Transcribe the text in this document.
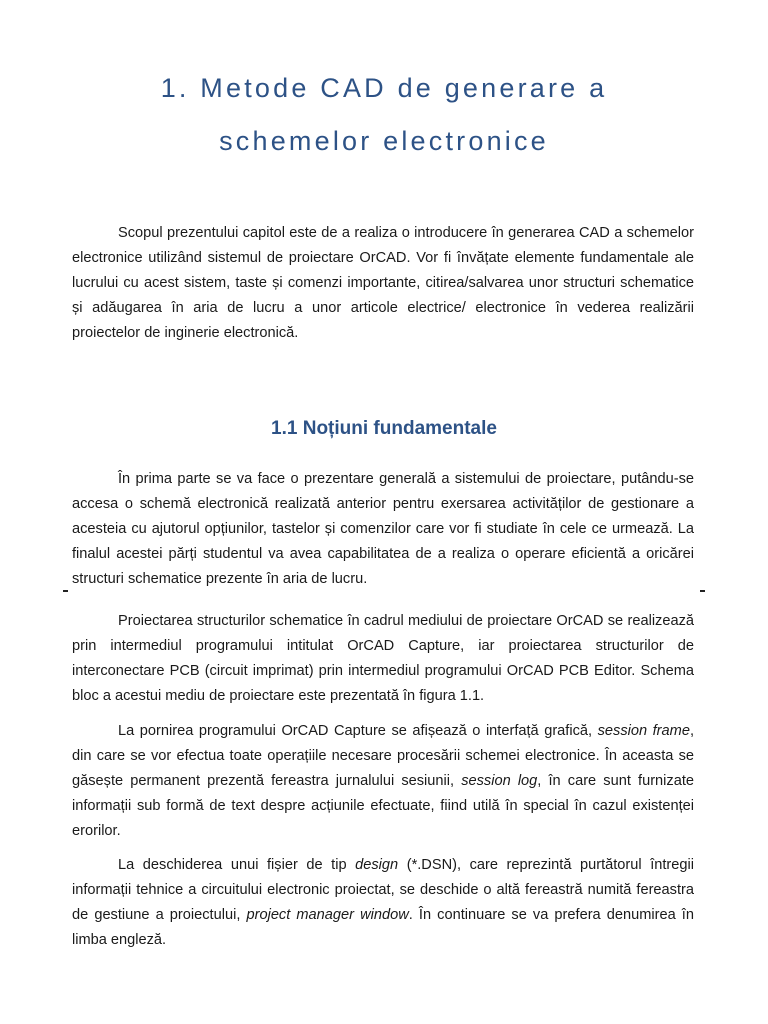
1. Metode CAD de generare a
schemelor electronice

Scopul prezentului capitol este de a realiza o introducere în generarea CAD a schemelor electronice utilizând sistemul de proiectare OrCAD. Vor fi învățate elemente fundamentale ale lucrului cu acest sistem, taste și comenzi importante, citirea/salvarea unor structuri schematice și adăugarea în aria de lucru a unor articole electrice/ electronice în vederea realizării proiectelor de inginerie electronică.

1.1 Noțiuni fundamentale

În prima parte se va face o prezentare generală a sistemului de proiectare, putându-se accesa o schemă electronică realizată anterior pentru exersarea activităților de gestionare a acesteia cu ajutorul opțiunilor, tastelor și comenzilor care vor fi studiate în cele ce urmează. La finalul acestei părți studentul va avea capabilitatea de a realiza o operare eficientă a oricărei structuri schematice prezente în aria de lucru.

Proiectarea structurilor schematice în cadrul mediului de proiectare OrCAD se realizează prin intermediul programului intitulat OrCAD Capture, iar proiectarea structurilor de interconectare PCB (circuit imprimat) prin intermediul programului OrCAD PCB Editor. Schema bloc a acestui mediu de proiectare este prezentată în figura 1.1.

La pornirea programului OrCAD Capture se afișează o interfață grafică, session frame, din care se vor efectua toate operațiile necesare procesării schemei electronice. În aceasta se găsește permanent prezentă fereastra jurnalului sesiunii, session log, în care sunt furnizate informații sub formă de text despre acțiunile efectuate, fiind utilă în special în cazul existenței erorilor.

La deschiderea unui fișier de tip design (*.DSN), care reprezintă purtătorul întregii informații tehnice a circuitului electronic proiectat, se deschide o altă fereastră numită fereastra de gestiune a proiectului, project manager window. În continuare se va prefera denumirea în limba engleză.
